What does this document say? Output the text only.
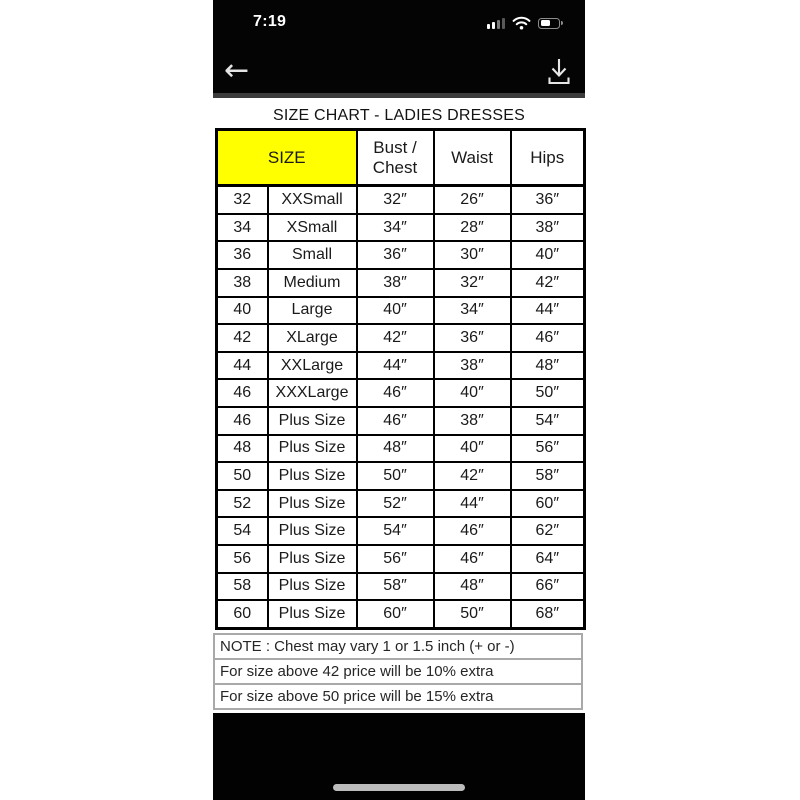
7:19
←
SIZE CHART - LADIES DRESSES
SIZE		Bust / Chest	Waist	Hips
32	XXSmall	32″	26″	36″
34	XSmall	34″	28″	38″
36	Small	36″	30″	40″
38	Medium	38″	32″	42″
40	Large	40″	34″	44″
42	XLarge	42″	36″	46″
44	XXLarge	44″	38″	48″
46	XXXLarge	46″	40″	50″
46	Plus Size	46″	38″	54″
48	Plus Size	48″	40″	56″
50	Plus Size	50″	42″	58″
52	Plus Size	52″	44″	60″
54	Plus Size	54″	46″	62″
56	Plus Size	56″	46″	64″
58	Plus Size	58″	48″	66″
60	Plus Size	60″	50″	68″
NOTE : Chest may vary 1 or 1.5 inch (+ or -)
For size above 42 price will be 10% extra
For size above 50 price will be 15% extra
